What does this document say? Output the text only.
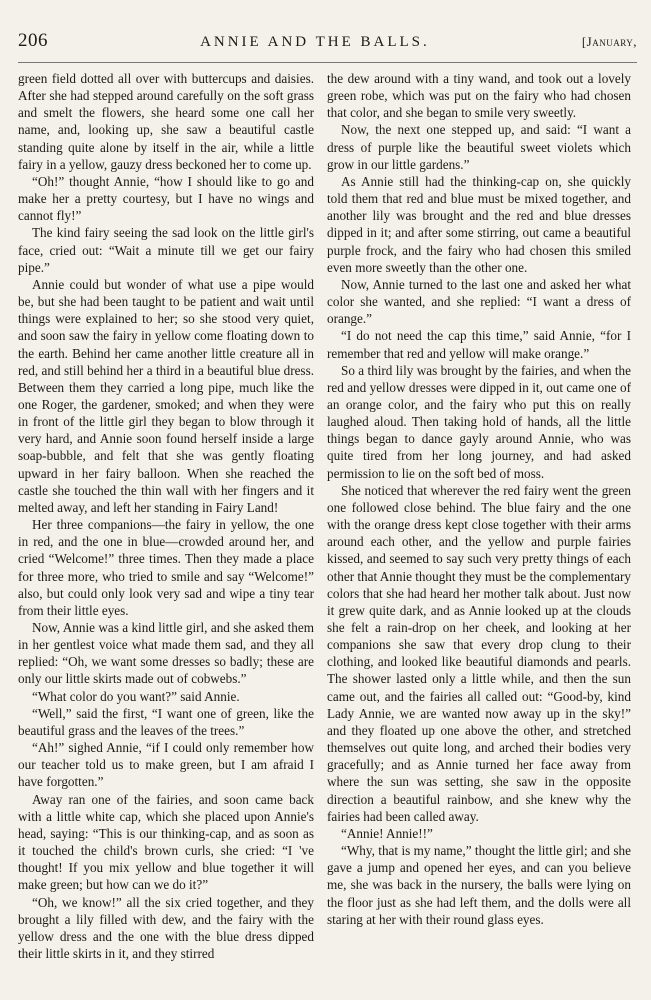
206	ANNIE AND THE BALLS.	[January,

green field dotted all over with buttercups and daisies. After she had stepped around carefully on the soft grass and smelt the flowers, she heard some one call her name, and, looking up, she saw a beautiful castle standing quite alone by itself in the air, while a little fairy in a yellow, gauzy dress beckoned her to come up.

“Oh!” thought Annie, “how I should like to go and make her a pretty courtesy, but I have no wings and cannot fly!”

The kind fairy seeing the sad look on the little girl's face, cried out: “Wait a minute till we get our fairy pipe.”

Annie could but wonder of what use a pipe would be, but she had been taught to be patient and wait until things were explained to her; so she stood very quiet, and soon saw the fairy in yellow come floating down to the earth. Behind her came another little creature all in red, and still behind her a third in a beautiful blue dress. Between them they carried a long pipe, much like the one Roger, the gardener, smoked; and when they were in front of the little girl they began to blow through it very hard, and Annie soon found herself inside a large soap-bubble, and felt that she was gently floating upward in her fairy balloon. When she reached the castle she touched the thin wall with her fingers and it melted away, and left her standing in Fairy Land!

Her three companions—the fairy in yellow, the one in red, and the one in blue—crowded around her, and cried “Welcome!” three times. Then they made a place for three more, who tried to smile and say “Welcome!” also, but could only look very sad and wipe a tiny tear from their little eyes.

Now, Annie was a kind little girl, and she asked them in her gentlest voice what made them sad, and they all replied: “Oh, we want some dresses so badly; these are only our little skirts made out of cobwebs.”

“What color do you want?” said Annie.

“Well,” said the first, “I want one of green, like the beautiful grass and the leaves of the trees.”

“Ah!” sighed Annie, “if I could only remember how our teacher told us to make green, but I am afraid I have forgotten.”

Away ran one of the fairies, and soon came back with a little white cap, which she placed upon Annie's head, saying: “This is our thinking-cap, and as soon as it touched the child's brown curls, she cried: “I 've thought! If you mix yellow and blue together it will make green; but how can we do it?”

“Oh, we know!” all the six cried together, and they brought a lily filled with dew, and the fairy with the yellow dress and the one with the blue dress dipped their little skirts in it, and they stirred

the dew around with a tiny wand, and took out a lovely green robe, which was put on the fairy who had chosen that color, and she began to smile very sweetly.

Now, the next one stepped up, and said: “I want a dress of purple like the beautiful sweet violets which grow in our little gardens.”

As Annie still had the thinking-cap on, she quickly told them that red and blue must be mixed together, and another lily was brought and the red and blue dresses dipped in it; and after some stirring, out came a beautiful purple frock, and the fairy who had chosen this smiled even more sweetly than the other one.

Now, Annie turned to the last one and asked her what color she wanted, and she replied: “I want a dress of orange.”

“I do not need the cap this time,” said Annie, “for I remember that red and yellow will make orange.”

So a third lily was brought by the fairies, and when the red and yellow dresses were dipped in it, out came one of an orange color, and the fairy who put this on really laughed aloud. Then taking hold of hands, all the little things began to dance gayly around Annie, who was quite tired from her long journey, and had asked permission to lie on the soft bed of moss.

She noticed that wherever the red fairy went the green one followed close behind. The blue fairy and the one with the orange dress kept close together with their arms around each other, and the yellow and purple fairies kissed, and seemed to say such very pretty things of each other that Annie thought they must be the complementary colors that she had heard her mother talk about. Just now it grew quite dark, and as Annie looked up at the clouds she felt a rain-drop on her cheek, and looking at her companions she saw that every drop clung to their clothing, and looked like beautiful diamonds and pearls. The shower lasted only a little while, and then the sun came out, and the fairies all called out: “Good-by, kind Lady Annie, we are wanted now away up in the sky!” and they floated up one above the other, and stretched themselves out quite long, and arched their bodies very gracefully; and as Annie turned her face away from where the sun was setting, she saw in the opposite direction a beautiful rainbow, and she knew why the fairies had been called away.

“Annie! Annie!!”

“Why, that is my name,” thought the little girl; and she gave a jump and opened her eyes, and can you believe me, she was back in the nursery, the balls were lying on the floor just as she had left them, and the dolls were all staring at her with their round glass eyes.
